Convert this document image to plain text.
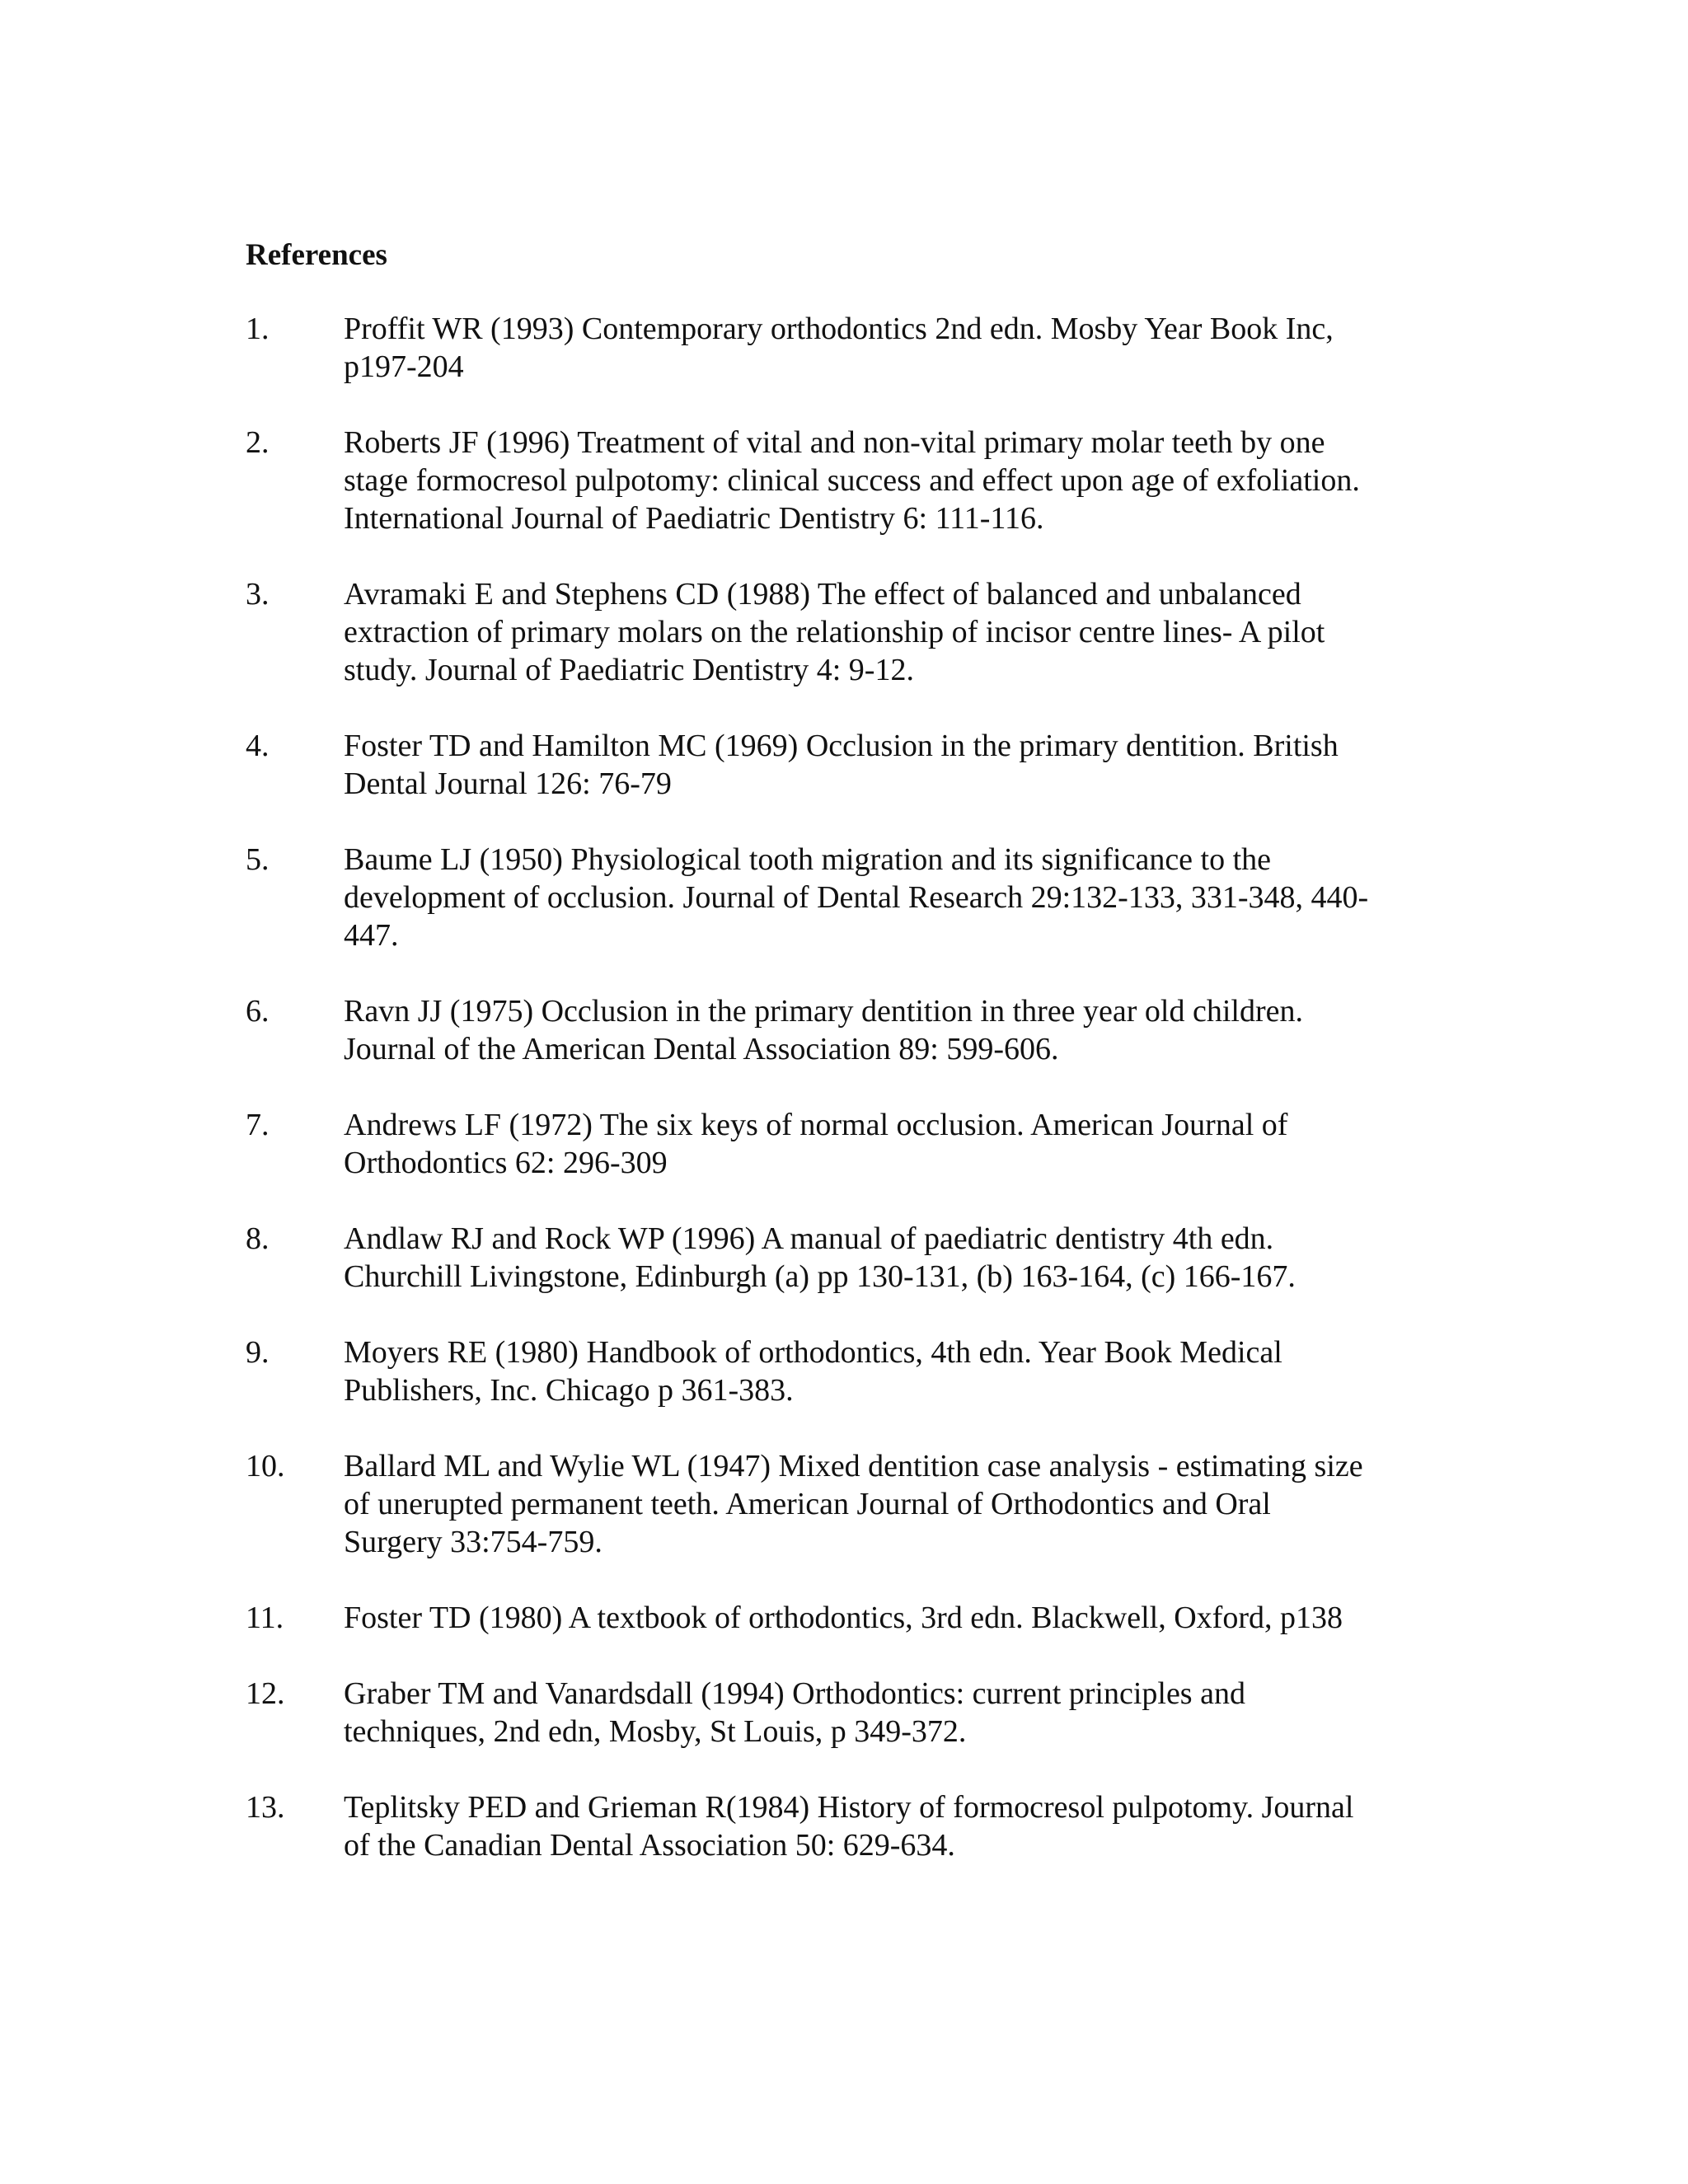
References
1.	Proffit WR (1993) Contemporary orthodontics 2nd edn. Mosby Year Book Inc,
p197-204
2.	Roberts JF (1996) Treatment of vital and non-vital primary molar teeth by one
stage formocresol pulpotomy: clinical success and effect upon age of exfoliation.
International Journal of Paediatric Dentistry 6: 111-116.
3.	Avramaki E and Stephens CD (1988) The effect of balanced and unbalanced
extraction of primary molars on the relationship of incisor centre lines- A pilot
study. Journal of Paediatric Dentistry 4: 9-12.
4.	Foster TD and Hamilton MC (1969) Occlusion in the primary dentition. British
Dental Journal 126: 76-79
5.	Baume LJ (1950) Physiological tooth migration and its significance to the
development of occlusion. Journal of Dental Research 29:132-133, 331-348, 440-
447.
6.	Ravn JJ (1975) Occlusion in the primary dentition in three year old children.
Journal of the American Dental Association 89: 599-606.
7.	Andrews LF (1972) The six keys of normal occlusion. American Journal of
Orthodontics 62: 296-309
8.	Andlaw RJ and Rock WP (1996) A manual of paediatric dentistry 4th edn.
Churchill Livingstone, Edinburgh (a) pp 130-131, (b) 163-164, (c) 166-167.
9.	Moyers RE (1980) Handbook of orthodontics, 4th edn. Year Book Medical
Publishers, Inc. Chicago p 361-383.
10.	Ballard ML and Wylie WL (1947) Mixed dentition case analysis - estimating size
of unerupted permanent teeth. American Journal of Orthodontics and Oral
Surgery 33:754-759.
11.	Foster TD (1980) A textbook of orthodontics, 3rd edn. Blackwell, Oxford, p138
12.	Graber TM and Vanardsdall (1994) Orthodontics: current principles and
techniques, 2nd edn, Mosby, St Louis, p 349-372.
13.	Teplitsky PED and Grieman R(1984) History of formocresol pulpotomy. Journal
of the Canadian Dental Association 50: 629-634.
